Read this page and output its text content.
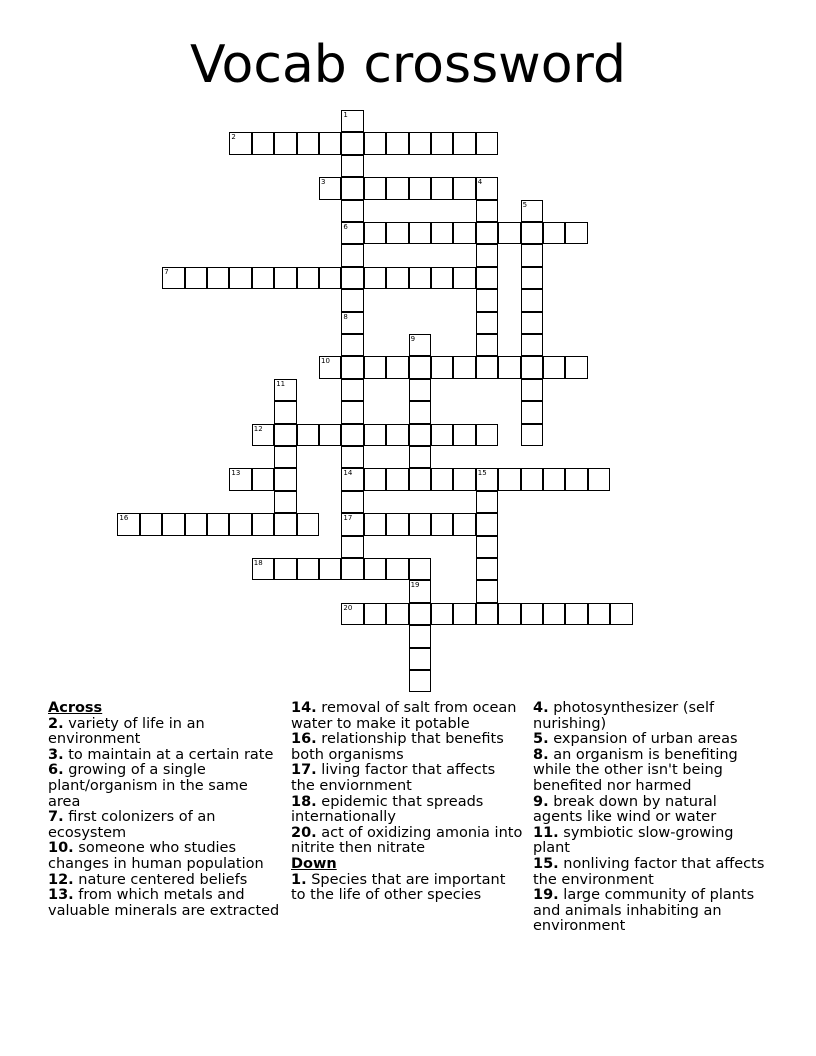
Vocab crossword
1
6
8
2
3	4
5
7
14
17
9
10
11
12
13	15
16
18
19
20

Across

2. variety of life in an environment

3. to maintain at a certain rate

6. growing of a single plant/organism in the same area

7. first colonizers of an ecosystem

10. someone who studies changes in human population

12. nature centered beliefs

13. from which metals and valuable minerals are extracted

14. removal of salt from ocean water to make it potable

16. relationship that benefits both organisms

17. living factor that affects the enviornment

18. epidemic that spreads internationally

20. act of oxidizing amonia into nitrite then nitrate

Down

1. Species that are important to the life of other species

4. photosynthesizer (self nurishing)

5. expansion of urban areas

8. an organism is benefiting while the other isn't being benefited nor harmed

9. break down by natural agents like wind or water

11. symbiotic slow-growing plant

15. nonliving factor that affects the environment

19. large community of plants and animals inhabiting an environment
